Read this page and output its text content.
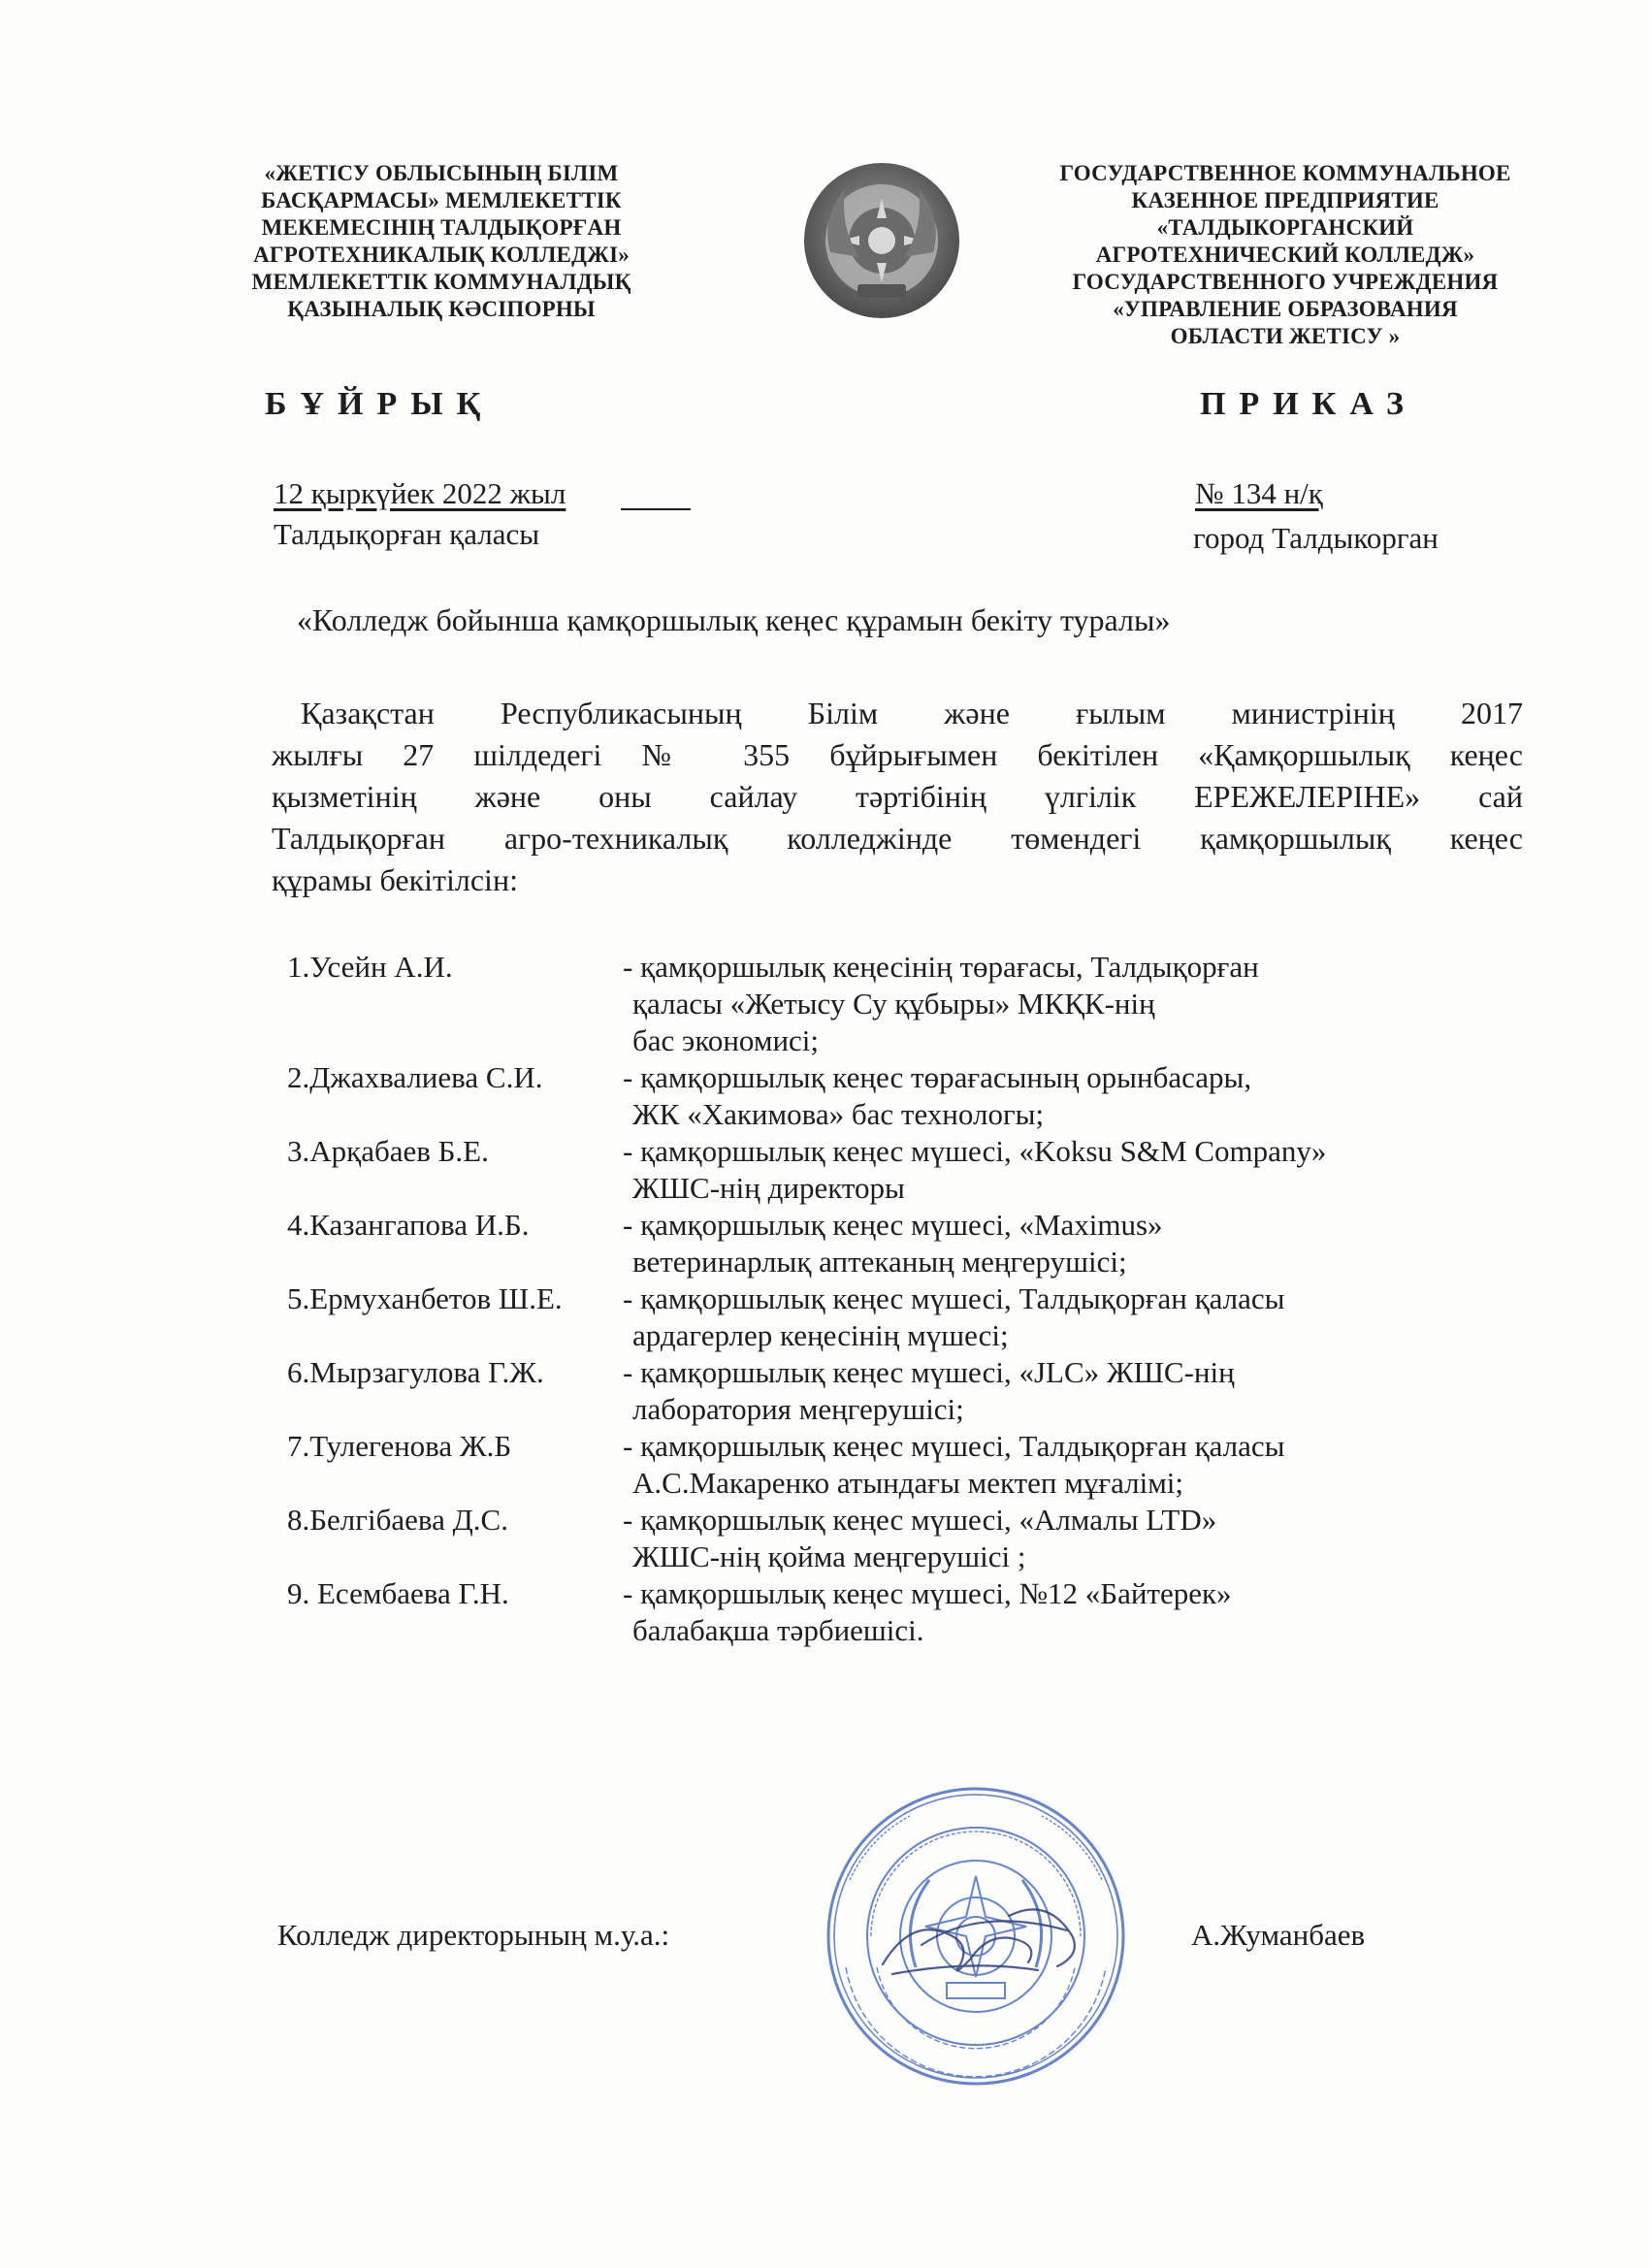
«ЖЕТІСУ ОБЛЫСЫНЫҢ БІЛІМ
БАСҚАРМАСЫ» МЕМЛЕКЕТТІК
МЕКЕМЕСІНІҢ ТАЛДЫҚОРҒАН
АГРОТЕХНИКАЛЫҚ КОЛЛЕДЖІ»
МЕМЛЕКЕТТІК КОММУНАЛДЫҚ
ҚАЗЫНАЛЫҚ КӘСІПОРНЫ
ГОСУДАРСТВЕННОЕ КОММУНАЛЬНОЕ
КАЗЕННОЕ ПРЕДПРИЯТИЕ
«ТАЛДЫКОРГАНСКИЙ
АГРОТЕХНИЧЕСКИЙ КОЛЛЕДЖ»
ГОСУДАРСТВЕННОГО УЧРЕЖДЕНИЯ
«УПРАВЛЕНИЕ ОБРАЗОВАНИЯ
ОБЛАСТИ ЖЕТІСУ »
БҰЙРЫҚ	ПРИКАЗ
12 қыркүйек 2022 жыл
Талдықорған қаласы
№ 134 н/қ
город Талдыкорган
«Колледж бойынша қамқоршылық кеңес құрамын бекіту туралы»
Қазақстан Республикасының Білім және ғылым министрінің 2017
жылғы 27 шілдедегі № 355 бұйрығымен бекітілен «Қамқоршылық кеңес
қызметінің және оны сайлау тәртібінің үлгілік ЕРЕЖЕЛЕРІНЕ» сай
Талдықорған агро-техникалық колледжінде төмендегі қамқоршылық кеңес
құрамы бекітілсін:
1.Усейн А.И.	- қамқоршылық кеңесінің төрағасы, Талдықорған
қаласы «Жетысу Су құбыры» МКҚК-нің
бас экономисі;
2.Джахвалиева С.И.	- қамқоршылық кеңес төрағасының орынбасары,
ЖК «Хакимова» бас технологы;
3.Арқабаев Б.Е.	- қамқоршылық кеңес мүшесі, «Koksu S&M Company»
ЖШС-нің директоры
4.Казангапова И.Б.	- қамқоршылық кеңес мүшесі, «Maximus»
ветеринарлық аптеканың меңгерушісі;
5.Ермуханбетов Ш.Е. - қамқоршылық кеңес мүшесі, Талдықорған қаласы
ардагерлер кеңесінің мүшесі;
6.Мырзагулова Г.Ж.	- қамқоршылық кеңес мүшесі, «JLC» ЖШС-нің
лаборатория меңгерушісі;
7.Тулегенова Ж.Б	- қамқоршылық кеңес мүшесі, Талдықорған қаласы
А.С.Макаренко атындағы мектеп мұғалімі;
8.Белгібаева Д.С.	- қамқоршылық кеңес мүшесі, «Алмалы LTD»
ЖШС-нің қойма меңгерушісі ;
9. Есембаева Г.Н.	- қамқоршылық кеңес мүшесі, №12 «Байтерек»
балабақша тәрбиешісі.
Колледж директорының м.у.а.:	А.Жуманбаев
